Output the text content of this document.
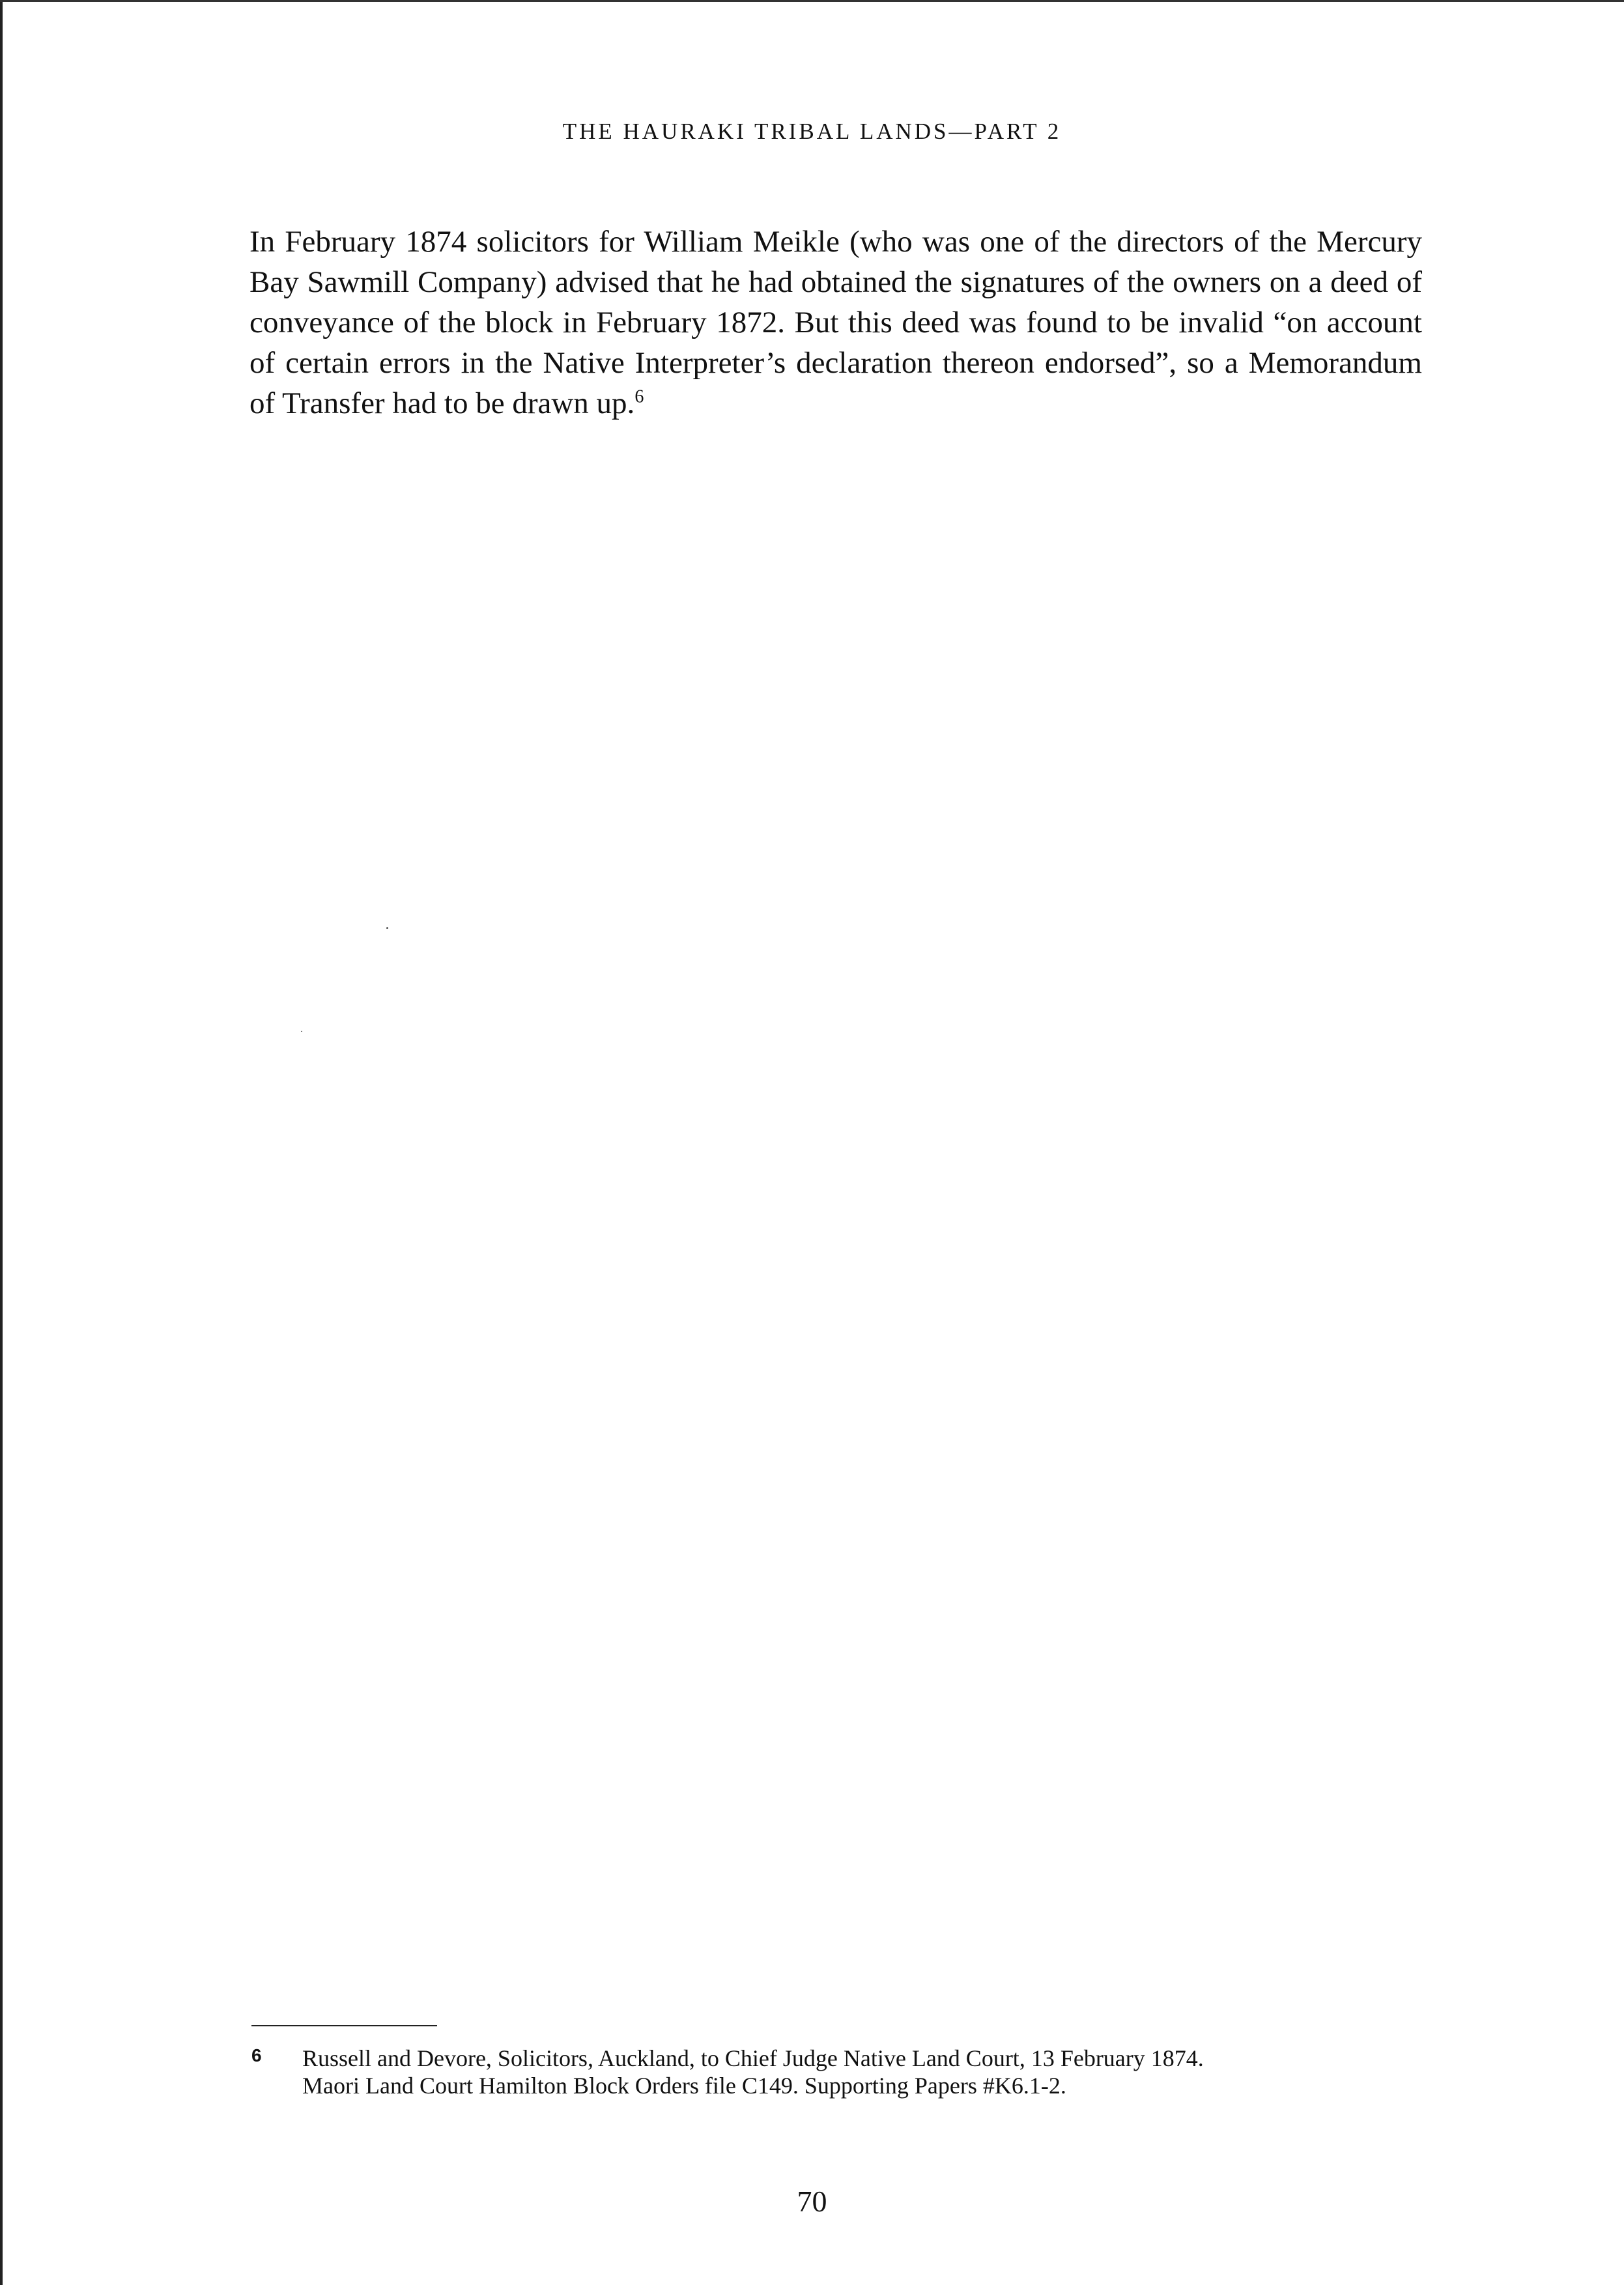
THE HAURAKI TRIBAL LANDS—PART 2
In February 1874 solicitors for William Meikle (who was one of the directors of the Mercury Bay Sawmill Company) advised that he had obtained the signatures of the owners on a deed of conveyance of the block in February 1872. But this deed was found to be invalid “on account of certain errors in the Native Interpreter’s declaration thereon endorsed”, so a Memorandum of Transfer had to be drawn up.$^6$
6 Russell and Devore, Solicitors, Auckland, to Chief Judge Native Land Court, 13 February 1874.
Maori Land Court Hamilton Block Orders file C149. Supporting Papers #K6.1-2.
70
